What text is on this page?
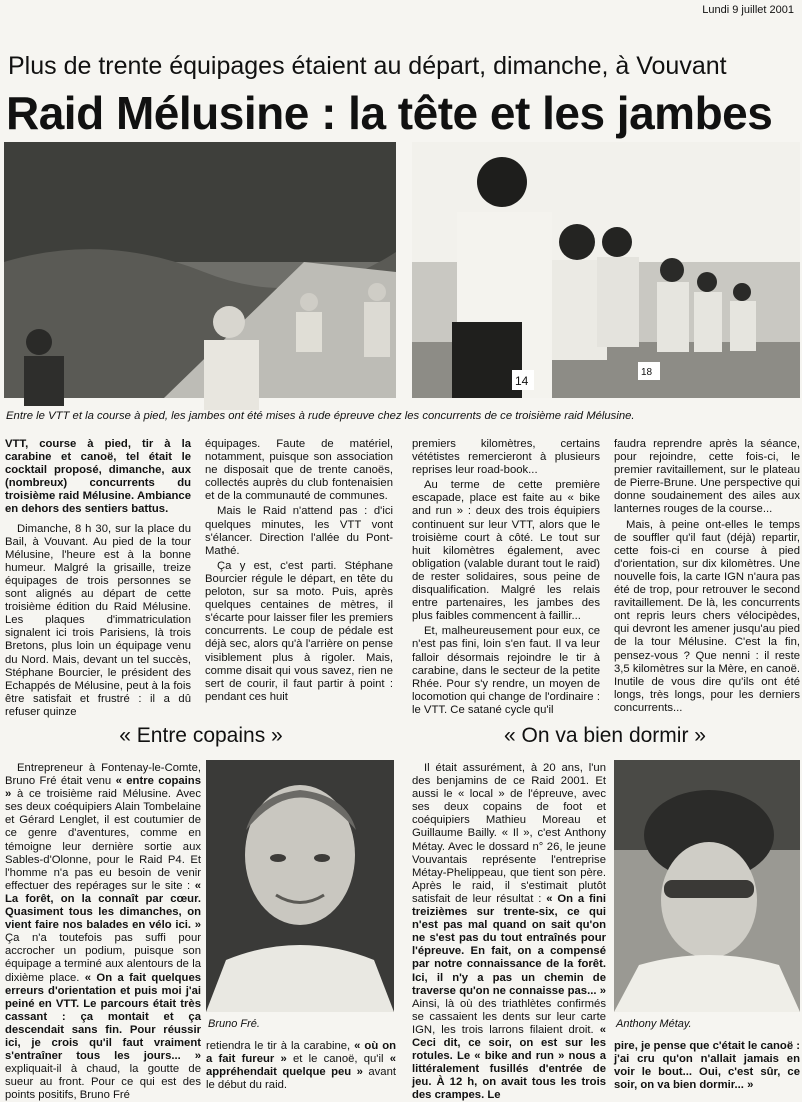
Lundi 9 juillet 2001
Plus de trente équipages étaient au départ, dimanche, à Vouvant
Raid Mélusine : la tête et les jambes
14
18
Entre le VTT et la course à pied, les jambes ont été mises à rude épreuve chez les concurrents de ce troisième raid Mélusine.

VTT, course à pied, tir à la carabine et canoë, tel était le cocktail proposé, dimanche, aux (nombreux) concurrents du troisième raid Mélusine. Ambiance en dehors des sentiers battus.

Dimanche, 8 h 30, sur la place du Bail, à Vouvant. Au pied de la tour Mélusine, l'heure est à la bonne humeur. Malgré la grisaille, treize équipages de trois personnes se sont alignés au départ de cette troisième édition du Raid Mélusine. Les plaques d'immatriculation signalent ici trois Parisiens, là trois Bretons, plus loin un équipage venu du Nord. Mais, devant un tel succès, Stéphane Bourcier, le président des Echappés de Mélusine, peut à la fois être satisfait et frustré : il a dû refuser quinze

équipages. Faute de matériel, notamment, puisque son association ne disposait que de trente canoës, collectés auprès du club fontenaisien et de la communauté de communes.

Mais le Raid n'attend pas : d'ici quelques minutes, les VTT vont s'élancer. Direction l'allée du Pont-Mathé.

Ça y est, c'est parti. Stéphane Bourcier régule le départ, en tête du peloton, sur sa moto. Puis, après quelques centaines de mètres, il s'écarte pour laisser filer les premiers concurrents. Le coup de pédale est déjà sec, alors qu'à l'arrière on pense visiblement plus à rigoler. Mais, comme disait qui vous savez, rien ne sert de courir, il faut partir à point : pendant ces huit

premiers kilomètres, certains vététistes remercieront à plusieurs reprises leur road-book...

Au terme de cette première escapade, place est faite au « bike and run » : deux des trois équipiers continuent sur leur VTT, alors que le troisième court à côté. Le tout sur huit kilomètres également, avec obligation (valable durant tout le raid) de rester solidaires, sous peine de disqualification. Malgré les relais entre partenaires, les jambes des plus faibles commencent à faillir...

Et, malheureusement pour eux, ce n'est pas fini, loin s'en faut. Il va leur falloir désormais rejoindre le tir à carabine, dans le secteur de la petite Rhée. Pour s'y rendre, un moyen de locomotion qui change de l'ordinaire : le VTT. Ce satané cycle qu'il

faudra reprendre après la séance, pour rejoindre, cette fois-ci, le premier ravitaillement, sur le plateau de Pierre-Brune. Une perspective qui donne soudainement des ailes aux lanternes rouges de la course...

Mais, à peine ont-elles le temps de souffler qu'il faut (déjà) repartir, cette fois-ci en course à pied d'orientation, sur dix kilomètres. Une nouvelle fois, la carte IGN n'aura pas été de trop, pour retrouver le second ravitaillement. De là, les concurrents ont repris leurs chers vélocipèdes, qui devront les amener jusqu'au pied de la tour Mélusine. C'est la fin, pensez-vous ? Que nenni : il reste 3,5 kilomètres sur la Mère, en canoë. Inutile de vous dire qu'ils ont été longs, très longs, pour les derniers concurrents...

« Entre copains »

Entrepreneur à Fontenay-le-Comte, Bruno Fré était venu « entre copains » à ce troisième raid Mélusine. Avec ses deux coéquipiers Alain Tombelaine et Gérard Lenglet, il est coutumier de ce genre d'aventures, comme en témoigne leur dernière sortie aux Sables-d'Olonne, pour le Raid P4. Et l'homme n'a pas eu besoin de venir effectuer des repérages sur le site : « La forêt, on la connaît par cœur. Quasiment tous les dimanches, on vient faire nos balades en vélo ici. » Ça n'a toutefois pas suffi pour accrocher un podium, puisque son équipage a terminé aux alentours de la dixième place. « On a fait quelques erreurs d'orientation et puis moi j'ai peiné en VTT. Le parcours était très cassant : ça montait et ça descendait sans fin. Pour réussir ici, je crois qu'il faut vraiment s'entraîner tous les jours... » expliquait-il à chaud, la goutte de sueur au front. Pour ce qui est des points positifs, Bruno Fré

Bruno Fré.

retiendra le tir à la carabine, « où on a fait fureur » et le canoë, qu'il « appréhendait quelque peu » avant le début du raid.

« On va bien dormir »

Il était assurément, à 20 ans, l'un des benjamins de ce Raid 2001. Et aussi le « local » de l'épreuve, avec ses deux copains de foot et coéquipiers Mathieu Moreau et Guillaume Bailly. « Il », c'est Anthony Métay. Avec le dossard n° 26, le jeune Vouvantais représente l'entreprise Métay-Phelippeau, que tient son père. Après le raid, il s'estimait plutôt satisfait de leur résultat : « On a fini treizièmes sur trente-six, ce qui n'est pas mal quand on sait qu'on ne s'est pas du tout entraînés pour l'épreuve. En fait, on a compensé par notre connaissance de la forêt. Ici, il n'y a pas un chemin de traverse qu'on ne connaisse pas... » Ainsi, là où des triathlètes confirmés se cassaient les dents sur leur carte IGN, les trois larrons filaient droit. « Ceci dit, ce soir, on est sur les rotules. Le « bike and run » nous a littéralement fusillés d'entrée de jeu. À 12 h, on avait tous les trois des crampes. Le

Anthony Métay.

pire, je pense que c'était le canoë : j'ai cru qu'on n'allait jamais en voir le bout... Oui, c'est sûr, ce soir, on va bien dormir... »
